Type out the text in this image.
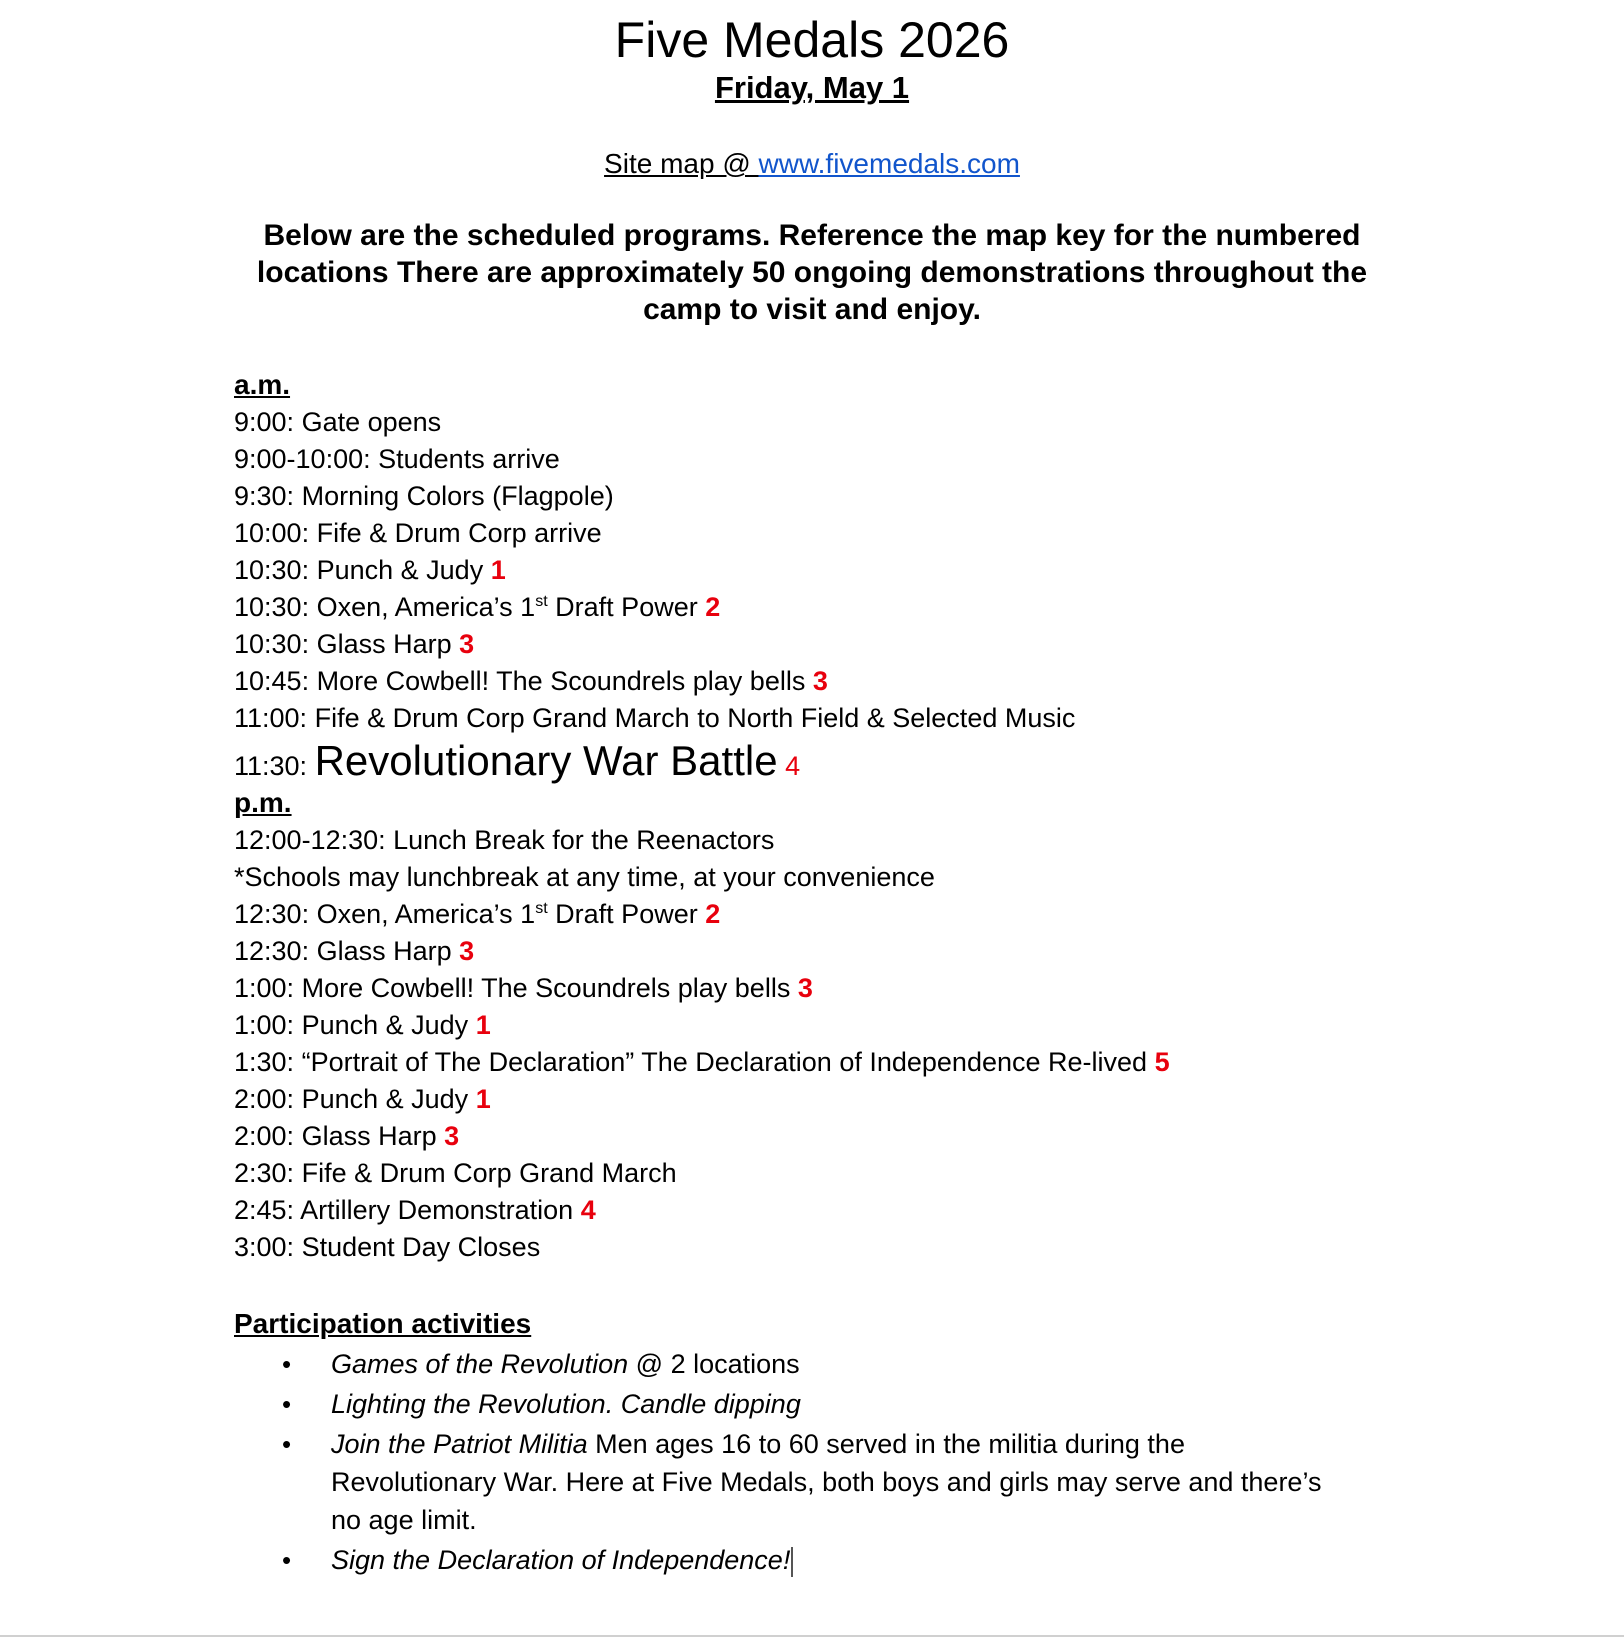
Five Medals 2026
Friday, May 1
Site map @ www.fivemedals.com
Below are the scheduled programs. Reference the map key for the numbered locations There are approximately 50 ongoing demonstrations throughout the camp to visit and enjoy.
a.m.
9:00: Gate opens
9:00-10:00: Students arrive
9:30: Morning Colors (Flagpole)
10:00: Fife & Drum Corp arrive
10:30: Punch & Judy 1
10:30: Oxen, America’s 1st Draft Power 2
10:30: Glass Harp 3
10:45: More Cowbell! The Scoundrels play bells 3
11:00: Fife & Drum Corp Grand March to North Field & Selected Music
11:30: Revolutionary War Battle 4
p.m.
12:00-12:30: Lunch Break for the Reenactors
*Schools may lunchbreak at any time, at your convenience
12:30: Oxen, America’s 1st Draft Power 2
12:30: Glass Harp 3
1:00: More Cowbell! The Scoundrels play bells 3
1:00: Punch & Judy 1
1:30: “Portrait of The Declaration” The Declaration of Independence Re-lived 5
2:00: Punch & Judy 1
2:00: Glass Harp 3
2:30: Fife & Drum Corp Grand March
2:45: Artillery Demonstration 4
3:00: Student Day Closes
Participation activities
• Games of the Revolution @ 2 locations
• Lighting the Revolution. Candle dipping
• Join the Patriot Militia Men ages 16 to 60 served in the militia during the Revolutionary War. Here at Five Medals, both boys and girls may serve and there’s no age limit.
• Sign the Declaration of Independence!
